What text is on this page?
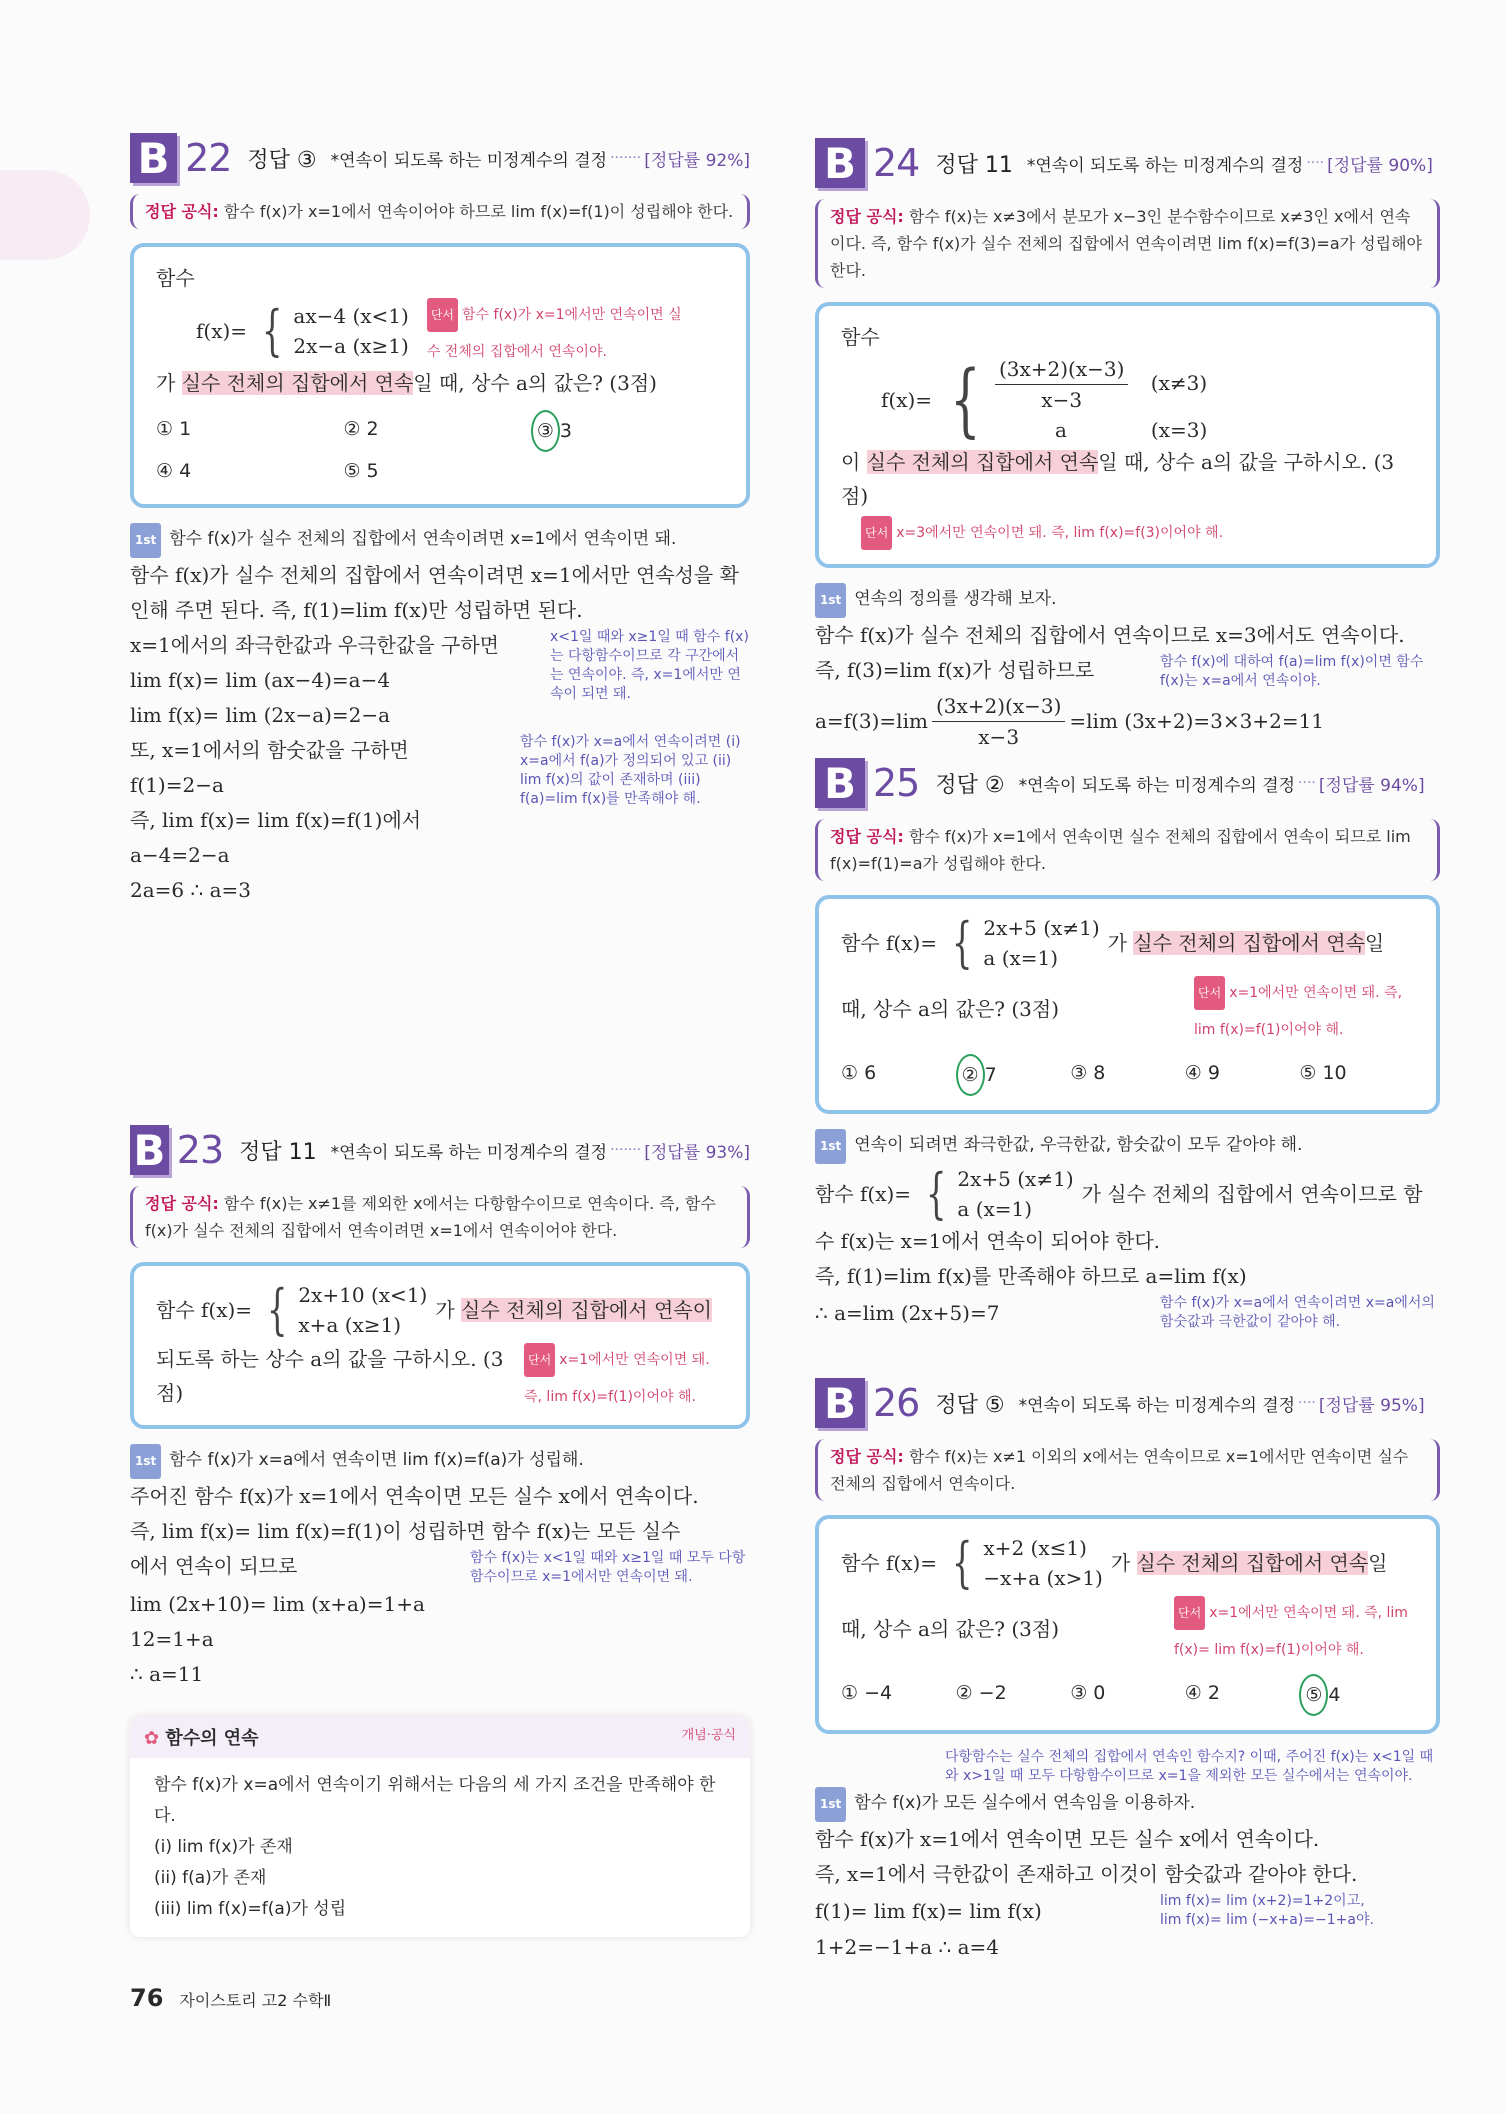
B 22 정답 ③ *연속이 되도록 하는 미정계수의 결정 ······· [정답률 92%]
정답 공식: 함수 f(x)가 x=1에서 연속이어야 하므로 lim f(x)=f(1)이 성립해야 한다.
함수
f(x)= { ax−4 (x<1)
2x−a (x≥1)
단서 함수 f(x)가 x=1에서만 연속이면 실수 전체의 집합에서 연속이야.
가 실수 전체의 집합에서 연속일 때, 상수 a의 값은? (3점)
① 1	② 2	③ 3
④ 4	⑤ 5
1st 함수 f(x)가 실수 전체의 집합에서 연속이려면 x=1에서 연속이면 돼.
함수 f(x)가 실수 전체의 집합에서 연속이려면 x=1에서만 연속성을 확인해 주면 된다. 즉, f(1)=lim f(x)만 성립하면 된다.
x=1에서의 좌극한값과 우극한값을 구하면
lim f(x)= lim (ax−4)=a−4
lim f(x)= lim (2x−a)=2−a
x<1일 때와 x≥1일 때 함수 f(x)는 다항함수이므로 각 구간에서는 연속이야. 즉, x=1에서만 연속이 되면 돼.
또, x=1에서의 함숫값을 구하면
f(1)=2−a
즉, lim f(x)= lim f(x)=f(1)에서
a−4=2−a
2a=6 ∴ a=3
함수 f(x)가 x=a에서 연속이려면 (i) x=a에서 f(a)가 정의되어 있고 (ii) lim f(x)의 값이 존재하며 (iii) f(a)=lim f(x)를 만족해야 해.
B 23 정답 11 *연속이 되도록 하는 미정계수의 결정 ······· [정답률 93%]
정답 공식: 함수 f(x)는 x≠1를 제외한 x에서는 다항함수이므로 연속이다. 즉, 함수 f(x)가 실수 전체의 집합에서 연속이려면 x=1에서 연속이어야 한다.
함수 f(x)= { 2x+10 (x<1)
x+a (x≥1)
가 실수 전체의 집합에서 연속이
되도록 하는 상수 a의 값을 구하시오. (3점)
단서 x=1에서만 연속이면 돼. 즉, lim f(x)=f(1)이어야 해.
1st 함수 f(x)가 x=a에서 연속이면 lim f(x)=f(a)가 성립해.
주어진 함수 f(x)가 x=1에서 연속이면 모든 실수 x에서 연속이다.
즉, lim f(x)= lim f(x)=f(1)이 성립하면 함수 f(x)는 모든 실수
에서 연속이 되므로	함수 f(x)는 x<1일 때와 x≥1일 때 모두 다항함수이므로 x=1에서만 연속이면 돼.
lim (2x+10)= lim (x+a)=1+a
12=1+a
∴ a=11
✿ 함수의 연속	개념·공식
함수 f(x)가 x=a에서 연속이기 위해서는 다음의 세 가지 조건을 만족해야 한다.
(i) lim f(x)가 존재
(ii) f(a)가 존재
(iii) lim f(x)=f(a)가 성립
B 24 정답 11 *연속이 되도록 하는 미정계수의 결정 ···· [정답률 90%]
정답 공식: 함수 f(x)는 x≠3에서 분모가 x−3인 분수함수이므로 x≠3인 x에서 연속이다. 즉, 함수 f(x)가 실수 전체의 집합에서 연속이려면 lim f(x)=f(3)=a가 성립해야 한다.
함수
f(x)= { $\frac{(3x+2)(x-3)}{x-3} (x\ne 3)$
a	(x=3)
이 실수 전체의 집합에서 연속일 때, 상수 a의 값을 구하시오. (3점)
단서 x=3에서만 연속이면 돼. 즉, lim f(x)=f(3)이어야 해.
1st 연속의 정의를 생각해 보자.
함수 f(x)가 실수 전체의 집합에서 연속이므로 x=3에서도 연속이다.
즉, f(3)=lim f(x)가 성립하므로	함수 f(x)에 대하여 f(a)=lim f(x)이면 함수 f(x)는 x=a에서 연속이야.
$a=f(3)=\lim \frac{(3x+2)(x-3)}{x-3} =\lim$ (3x+2)=3×3+2=11
B 25 정답 ② *연속이 되도록 하는 미정계수의 결정 ···· [정답률 94%]
정답 공식: 함수 f(x)가 x=1에서 연속이면 실수 전체의 집합에서 연속이 되므로 lim f(x)=f(1)=a가 성립해야 한다.
함수 f(x)= { 2x+5 (x≠1)
a (x=1)
가 실수 전체의 집합에서 연속일
때, 상수 a의 값은? (3점)
단서 x=1에서만 연속이면 돼. 즉, lim f(x)=f(1)이어야 해.
① 6	② 7	③ 8	④ 9	⑤ 10
1st 연속이 되려면 좌극한값, 우극한값, 함숫값이 모두 같아야 해.
함수 f(x)= { 2x+5 (x≠1)
a (x=1)
가 실수 전체의 집합에서 연속이므로 함
수 f(x)는 x=1에서 연속이 되어야 한다.
즉, f(1)=lim f(x)를 만족해야 하므로 a=lim f(x)
∴ a=lim (2x+5)=7	함수 f(x)가 x=a에서 연속이려면 x=a에서의 함숫값과 극한값이 같아야 해.
B 26 정답 ⑤ *연속이 되도록 하는 미정계수의 결정 ···· [정답률 95%]
정답 공식: 함수 f(x)는 x≠1 이외의 x에서는 연속이므로 x=1에서만 연속이면 실수 전체의 집합에서 연속이다.
함수 f(x)= { x+2 (x≤1)
−x+a (x>1)
가 실수 전체의 집합에서 연속일
때, 상수 a의 값은? (3점)
단서 x=1에서만 연속이면 돼. 즉, lim f(x)= lim f(x)=f(1)이어야 해.
① −4	② −2	③ 0	④ 2	⑤ 4
다항함수는 실수 전체의 집합에서 연속인 함수지? 이때, 주어진 f(x)는 x<1일 때와 x>1일 때 모두 다항함수이므로 x=1을 제외한 모든 실수에서는 연속이야.
1st 함수 f(x)가 모든 실수에서 연속임을 이용하자.
함수 f(x)가 x=1에서 연속이면 모든 실수 x에서 연속이다.
즉, x=1에서 극한값이 존재하고 이것이 함숫값과 같아야 한다.
f(1)= lim f(x)= lim f(x)	lim f(x)= lim (x+2)=1+2이고,
lim f(x)= lim (−x+a)=−1+a야.
1+2=−1+a ∴ a=4
76 자이스토리 고2 수학Ⅱ
